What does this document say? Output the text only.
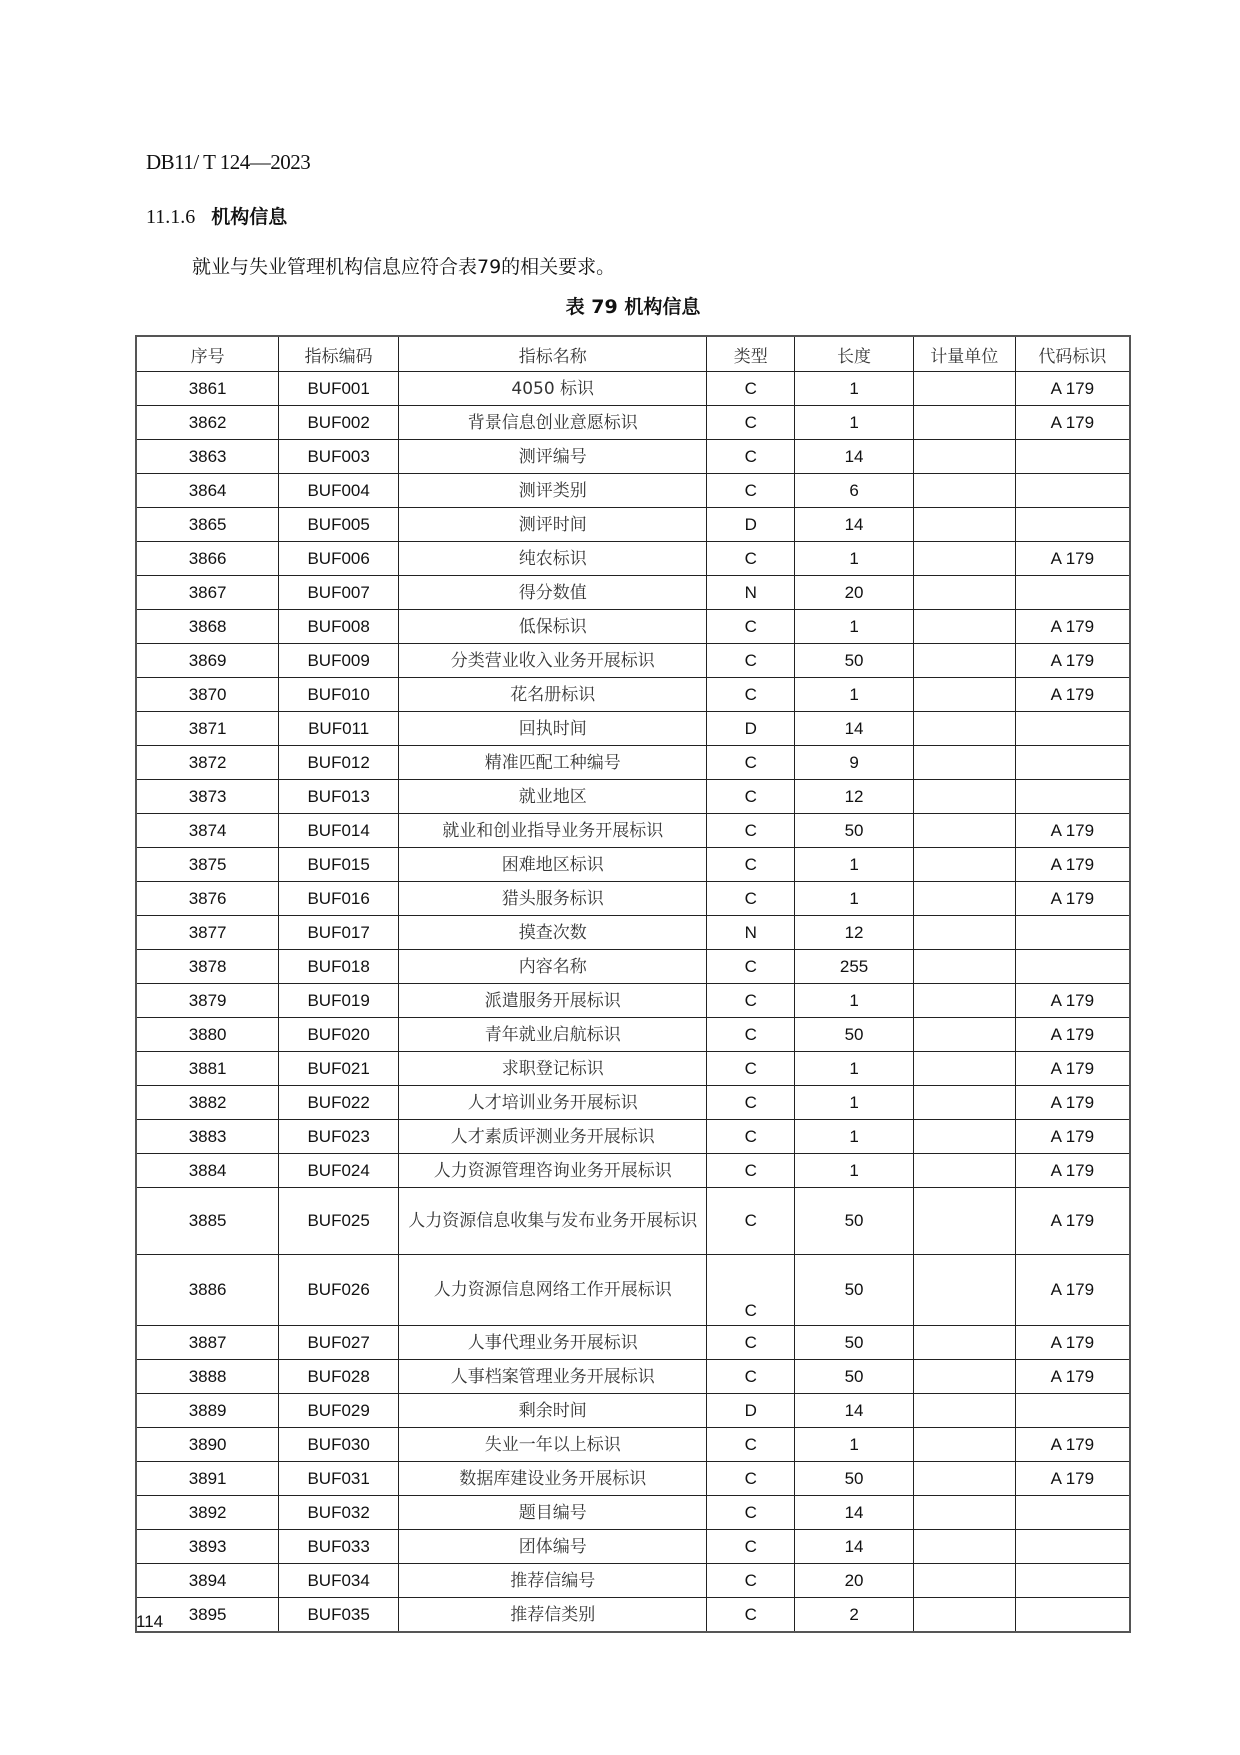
DB11/ T 124—2023
11.1.6 机构信息
就业与失业管理机构信息应符合表79的相关要求。
表 79 机构信息
序号	指标编码	指标名称	类型	长度	计量单位	代码标识
3861	BUF001	4050 标识	C	1		A 179
3862	BUF002	背景信息创业意愿标识	C	1		A 179
3863	BUF003	测评编号	C	14		
3864	BUF004	测评类别	C	6		
3865	BUF005	测评时间	D	14		
3866	BUF006	纯农标识	C	1		A 179
3867	BUF007	得分数值	N	20		
3868	BUF008	低保标识	C	1		A 179
3869	BUF009	分类营业收入业务开展标识	C	50		A 179
3870	BUF010	花名册标识	C	1		A 179
3871	BUF011	回执时间	D	14		
3872	BUF012	精准匹配工种编号	C	9		
3873	BUF013	就业地区	C	12		
3874	BUF014	就业和创业指导业务开展标识	C	50		A 179
3875	BUF015	困难地区标识	C	1		A 179
3876	BUF016	猎头服务标识	C	1		A 179
3877	BUF017	摸查次数	N	12		
3878	BUF018	内容名称	C	255		
3879	BUF019	派遣服务开展标识	C	1		A 179
3880	BUF020	青年就业启航标识	C	50		A 179
3881	BUF021	求职登记标识	C	1		A 179
3882	BUF022	人才培训业务开展标识	C	1		A 179
3883	BUF023	人才素质评测业务开展标识	C	1		A 179
3884	BUF024	人力资源管理咨询业务开展标识	C	1		A 179
3885	BUF025	人力资源信息收集与发布业务开展标识	C	50		A 179
3886	BUF026	人力资源信息网络工作开展标识	C	50		A 179
3887	BUF027	人事代理业务开展标识	C	50		A 179
3888	BUF028	人事档案管理业务开展标识	C	50		A 179
3889	BUF029	剩余时间	D	14		
3890	BUF030	失业一年以上标识	C	1		A 179
3891	BUF031	数据库建设业务开展标识	C	50		A 179
3892	BUF032	题目编号	C	14		
3893	BUF033	团体编号	C	14		
3894	BUF034	推荐信编号	C	20		
3895	BUF035	推荐信类别	C	2		
114
